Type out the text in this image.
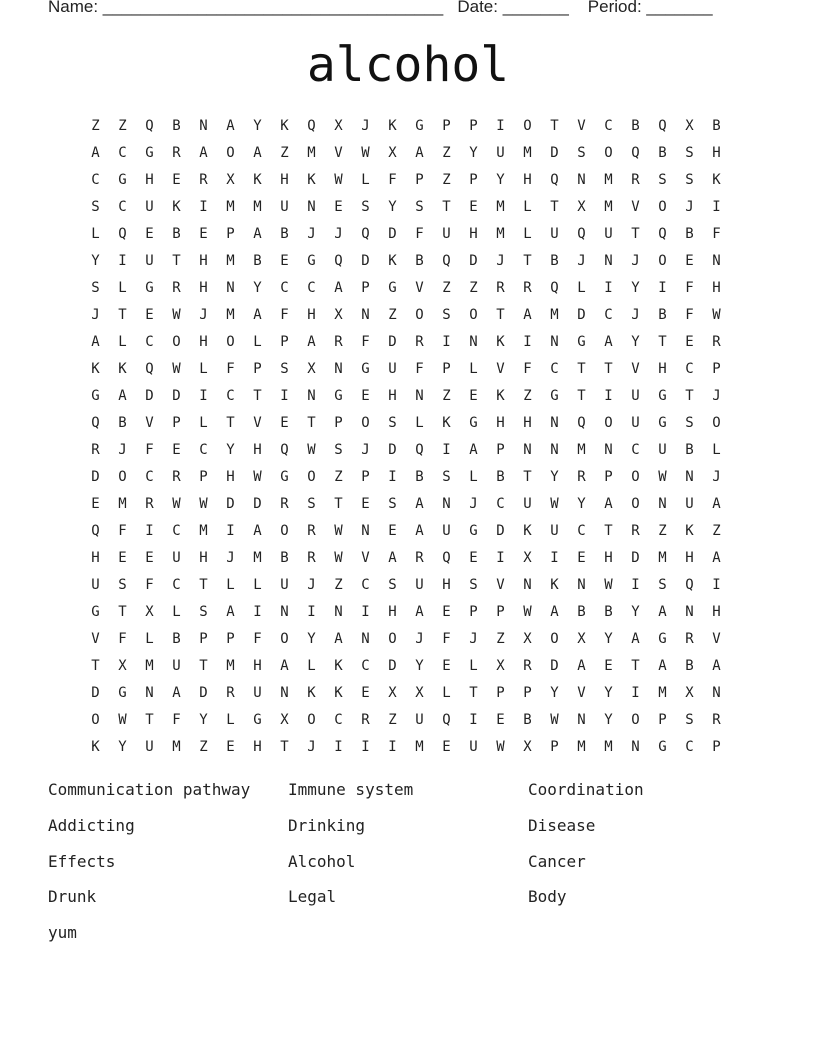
Name: ____________________________________ Date: _______ Period: _______
alcohol
Z	Z	Q	B	N	A	Y	K	Q	X	J	K	G	P	P	I	O	T	V	C	B	Q	X	B
A	C	G	R	A	O	A	Z	M	V	W	X	A	Z	Y	U	M	D	S	O	Q	B	S	H
C	G	H	E	R	X	K	H	K	W	L	F	P	Z	P	Y	H	Q	N	M	R	S	S	K
S	C	U	K	I	M	M	U	N	E	S	Y	S	T	E	M	L	T	X	M	V	O	J	I
L	Q	E	B	E	P	A	B	J	J	Q	D	F	U	H	M	L	U	Q	U	T	Q	B	F
Y	I	U	T	H	M	B	E	G	Q	D	K	B	Q	D	J	T	B	J	N	J	O	E	N
S	L	G	R	H	N	Y	C	C	A	P	G	V	Z	Z	R	R	Q	L	I	Y	I	F	H
J	T	E	W	J	M	A	F	H	X	N	Z	O	S	O	T	A	M	D	C	J	B	F	W
A	L	C	O	H	O	L	P	A	R	F	D	R	I	N	K	I	N	G	A	Y	T	E	R
K	K	Q	W	L	F	P	S	X	N	G	U	F	P	L	V	F	C	T	T	V	H	C	P
G	A	D	D	I	C	T	I	N	G	E	H	N	Z	E	K	Z	G	T	I	U	G	T	J
Q	B	V	P	L	T	V	E	T	P	O	S	L	K	G	H	H	N	Q	O	U	G	S	O
R	J	F	E	C	Y	H	Q	W	S	J	D	Q	I	A	P	N	N	M	N	C	U	B	L
D	O	C	R	P	H	W	G	O	Z	P	I	B	S	L	B	T	Y	R	P	O	W	N	J
E	M	R	W	W	D	D	R	S	T	E	S	A	N	J	C	U	W	Y	A	O	N	U	A
Q	F	I	C	M	I	A	O	R	W	N	E	A	U	G	D	K	U	C	T	R	Z	K	Z
H	E	E	U	H	J	M	B	R	W	V	A	R	Q	E	I	X	I	E	H	D	M	H	A
U	S	F	C	T	L	L	U	J	Z	C	S	U	H	S	V	N	K	N	W	I	S	Q	I
G	T	X	L	S	A	I	N	I	N	I	H	A	E	P	P	W	A	B	B	Y	A	N	H
V	F	L	B	P	P	F	O	Y	A	N	O	J	F	J	Z	X	O	X	Y	A	G	R	V
T	X	M	U	T	M	H	A	L	K	C	D	Y	E	L	X	R	D	A	E	T	A	B	A
D	G	N	A	D	R	U	N	K	K	E	X	X	L	T	P	P	Y	V	Y	I	M	X	N
O	W	T	F	Y	L	G	X	O	C	R	Z	U	Q	I	E	B	W	N	Y	O	P	S	R
K	Y	U	M	Z	E	H	T	J	I	I	I	M	E	U	W	X	P	M	M	N	G	C	P
Communication pathway	Immune system	Coordination
Addicting	Drinking	Disease
Effects	Alcohol	Cancer
Drunk	Legal	Body
yum
